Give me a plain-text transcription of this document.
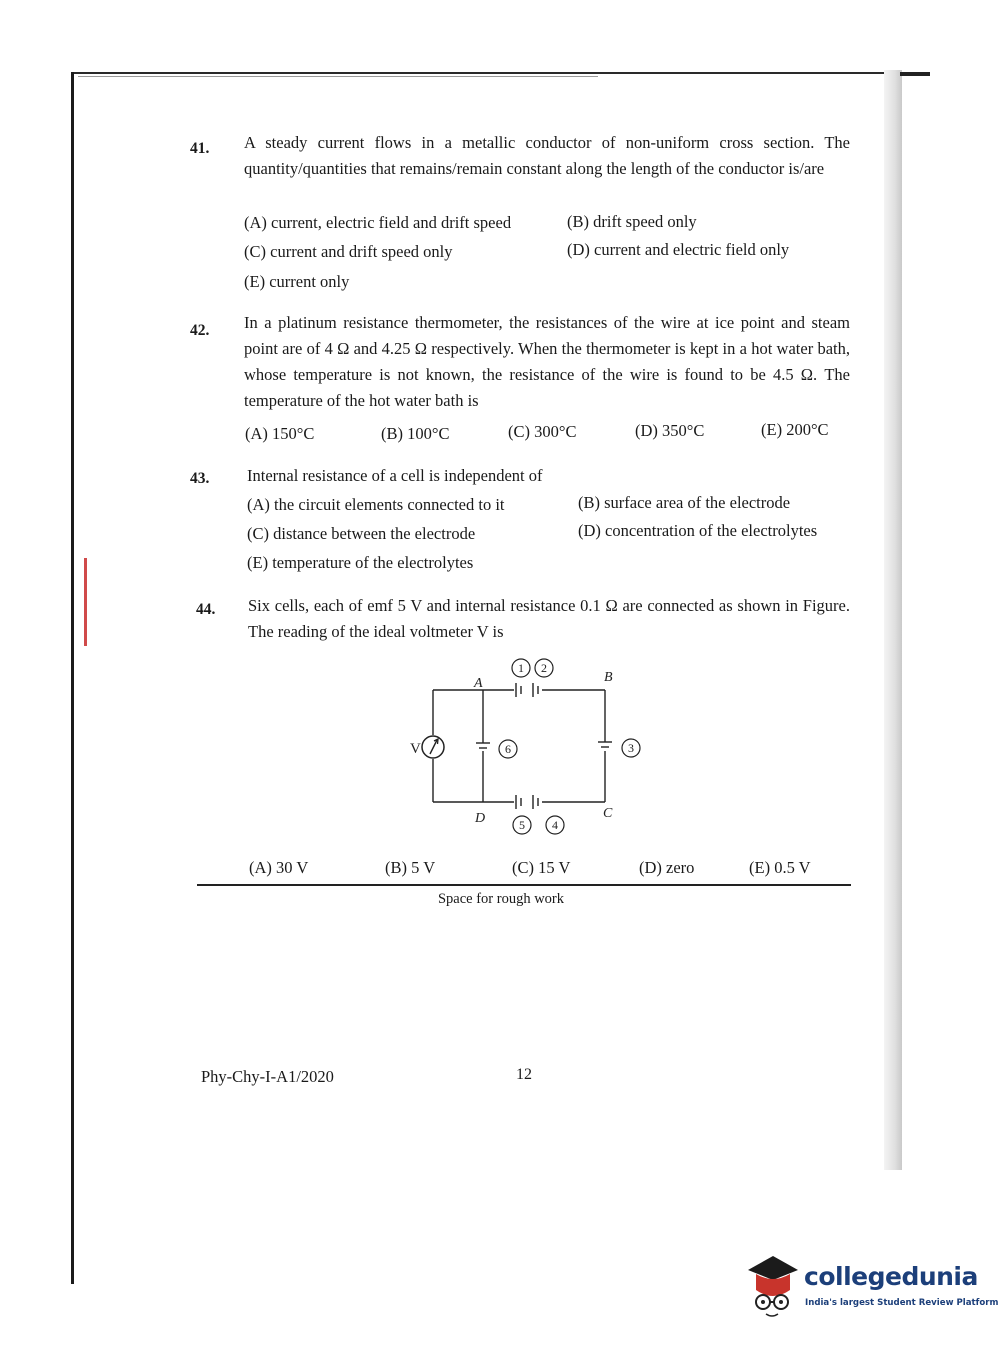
41. A steady current flows in a metallic conductor of non-uniform cross section. The quantity/quantities that remains/remain constant along the length of the conductor is/are
(A) current, electric field and drift speed	(B) drift speed only
(C) current and drift speed only	(D) current and electric field only
(E) current only
42. In a platinum resistance thermometer, the resistances of the wire at ice point and steam point are of 4 Ω and 4.25 Ω respectively. When the thermometer is kept in a hot water bath, whose temperature is not known, the resistance of the wire is found to be 4.5 Ω. The temperature of the hot water bath is
(A) 150°C	(B) 100°C	(C) 300°C	(D) 350°C	(E) 200°C
43. Internal resistance of a cell is independent of
(A) the circuit elements connected to it	(B) surface area of the electrode
(C) distance between the electrode	(D) concentration of the electrolytes
(E) temperature of the electrolytes
44. Six cells, each of emf 5 V and internal resistance 0.1 Ω are connected as shown in Figure. The reading of the ideal voltmeter V is
V
A	B
C
D
1 2
3
4
5
6
(A) 30 V	(B) 5 V	(C) 15 V	(D) zero	(E) 0.5 V
Space for rough work
Phy-Chy-I-A1/2020	12
collegedunia
India's largest Student Review Platform
